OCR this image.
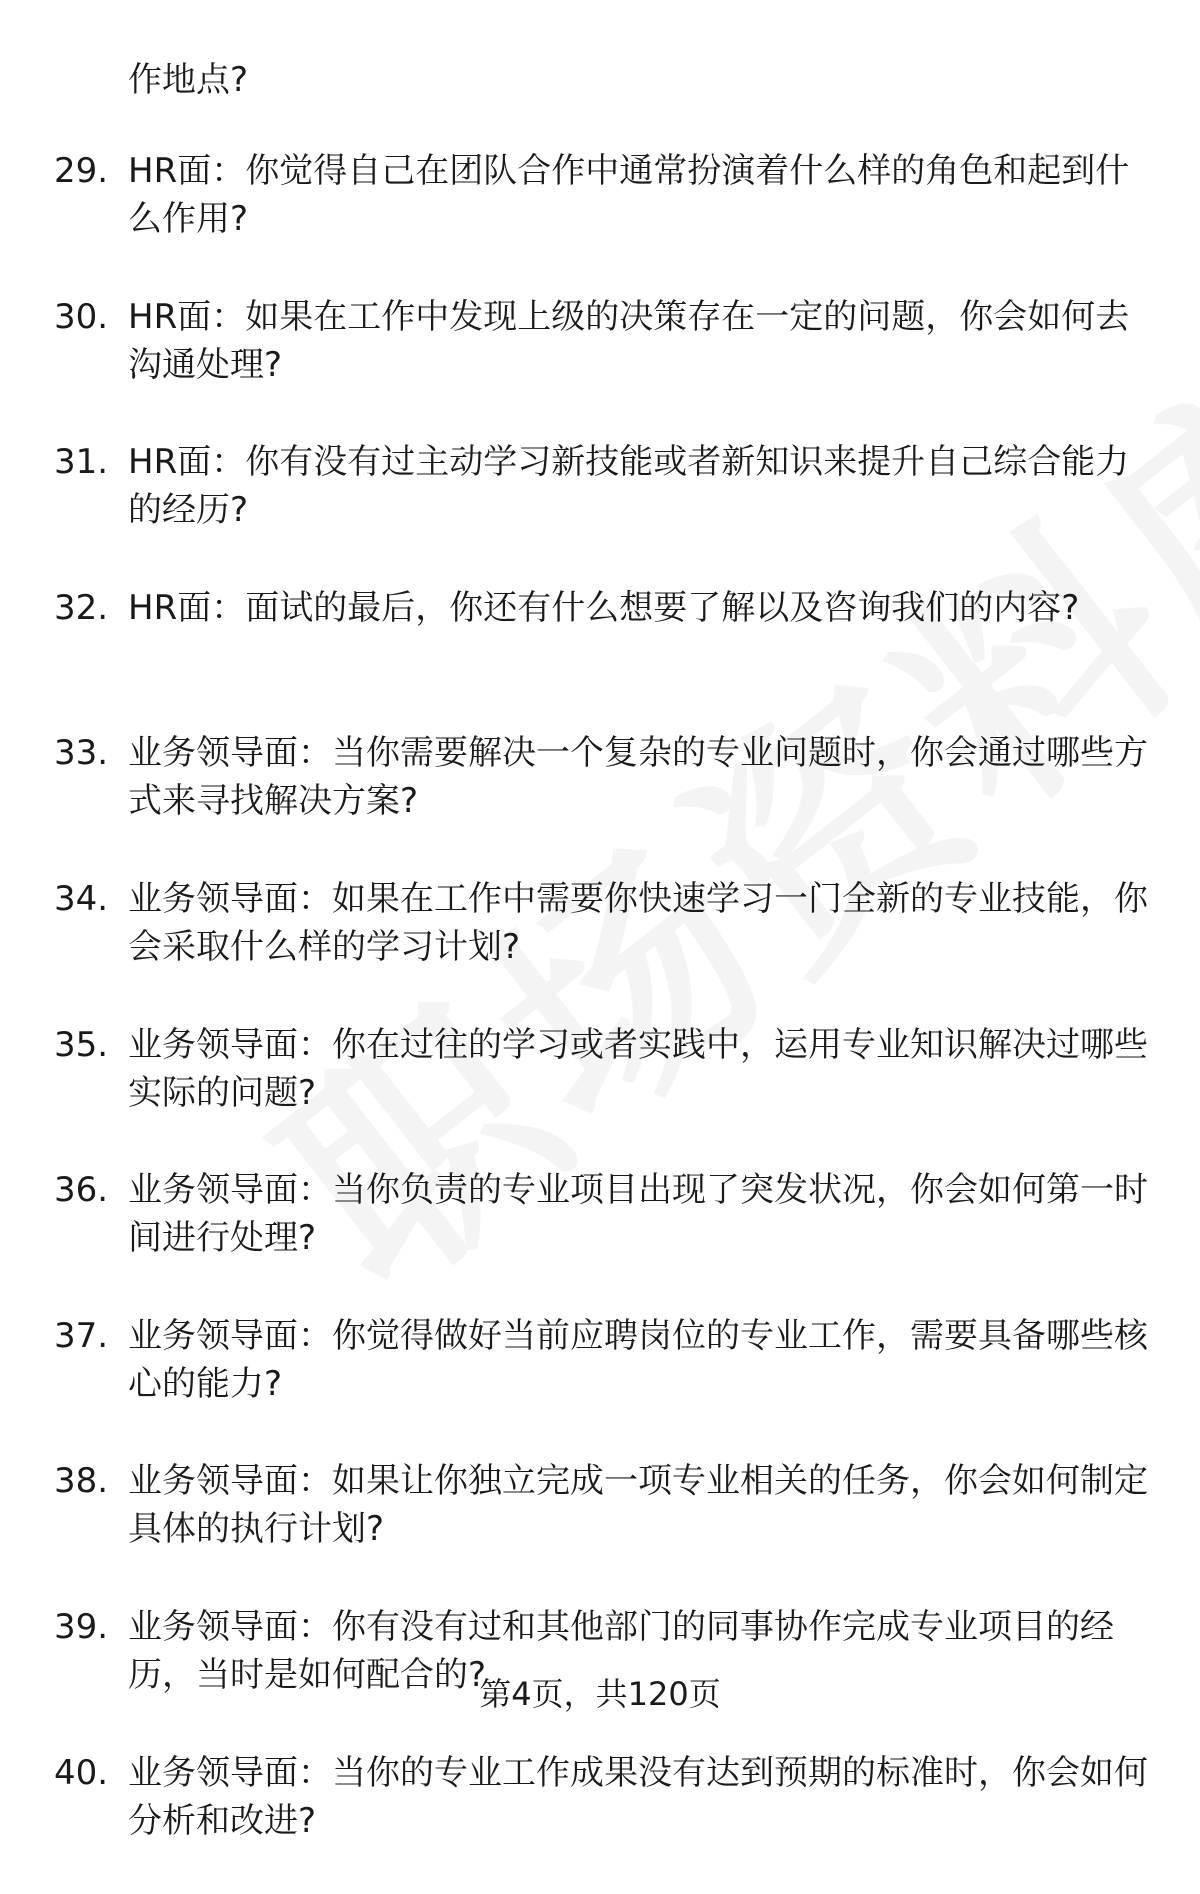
作地点?
29. HR面：你觉得自己在团队合作中通常扮演着什么样的角色和起到什么作用?
30. HR面：如果在工作中发现上级的决策存在一定的问题，你会如何去沟通处理?
31. HR面：你有没有过主动学习新技能或者新知识来提升自己综合能力的经历?
32. HR面：面试的最后，你还有什么想要了解以及咨询我们的内容?
33. 业务领导面：当你需要解决一个复杂的专业问题时，你会通过哪些方式来寻找解决方案?
34. 业务领导面：如果在工作中需要你快速学习一门全新的专业技能，你会采取什么样的学习计划?
35. 业务领导面：你在过往的学习或者实践中，运用专业知识解决过哪些实际的问题?
36. 业务领导面：当你负责的专业项目出现了突发状况，你会如何第一时间进行处理?
37. 业务领导面：你觉得做好当前应聘岗位的专业工作，需要具备哪些核心的能力?
38. 业务领导面：如果让你独立完成一项专业相关的任务，你会如何制定具体的执行计划?
39. 业务领导面：你有没有过和其他部门的同事协作完成专业项目的经历，当时是如何配合的?
40. 业务领导面：当你的专业工作成果没有达到预期的标准时，你会如何分析和改进?
第4页，共120页
